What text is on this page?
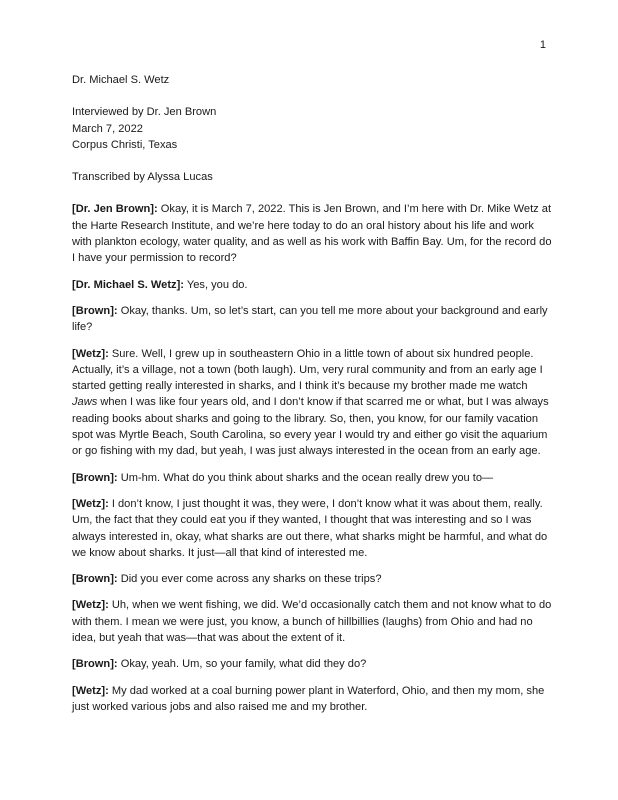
1

Dr. Michael S. Wetz

Interviewed by Dr. Jen Brown

March 7, 2022

Corpus Christi, Texas

Transcribed by Alyssa Lucas

[Dr. Jen Brown]: Okay, it is March 7, 2022. This is Jen Brown, and I’m here with Dr. Mike Wetz at the Harte Research Institute, and we’re here today to do an oral history about his life and work with plankton ecology, water quality, and as well as his work with Baffin Bay. Um, for the record do I have your permission to record?

[Dr. Michael S. Wetz]: Yes, you do.

[Brown]: Okay, thanks. Um, so let’s start, can you tell me more about your background and early life?

[Wetz]: Sure. Well, I grew up in southeastern Ohio in a little town of about six hundred people. Actually, it’s a village, not a town (both laugh). Um, very rural community and from an early age I started getting really interested in sharks, and I think it’s because my brother made me watch Jaws when I was like four years old, and I don’t know if that scarred me or what, but I was always reading books about sharks and going to the library. So, then, you know, for our family vacation spot was Myrtle Beach, South Carolina, so every year I would try and either go visit the aquarium or go fishing with my dad, but yeah, I was just always interested in the ocean from an early age.

[Brown]: Um-hm. What do you think about sharks and the ocean really drew you to—

[Wetz]: I don’t know, I just thought it was, they were, I don’t know what it was about them, really. Um, the fact that they could eat you if they wanted, I thought that was interesting and so I was always interested in, okay, what sharks are out there, what sharks might be harmful, and what do we know about sharks. It just—all that kind of interested me.

[Brown]: Did you ever come across any sharks on these trips?

[Wetz]: Uh, when we went fishing, we did. We’d occasionally catch them and not know what to do with them. I mean we were just, you know, a bunch of hillbillies (laughs) from Ohio and had no idea, but yeah that was—that was about the extent of it.

[Brown]: Okay, yeah. Um, so your family, what did they do?

[Wetz]: My dad worked at a coal burning power plant in Waterford, Ohio, and then my mom, she just worked various jobs and also raised me and my brother.
